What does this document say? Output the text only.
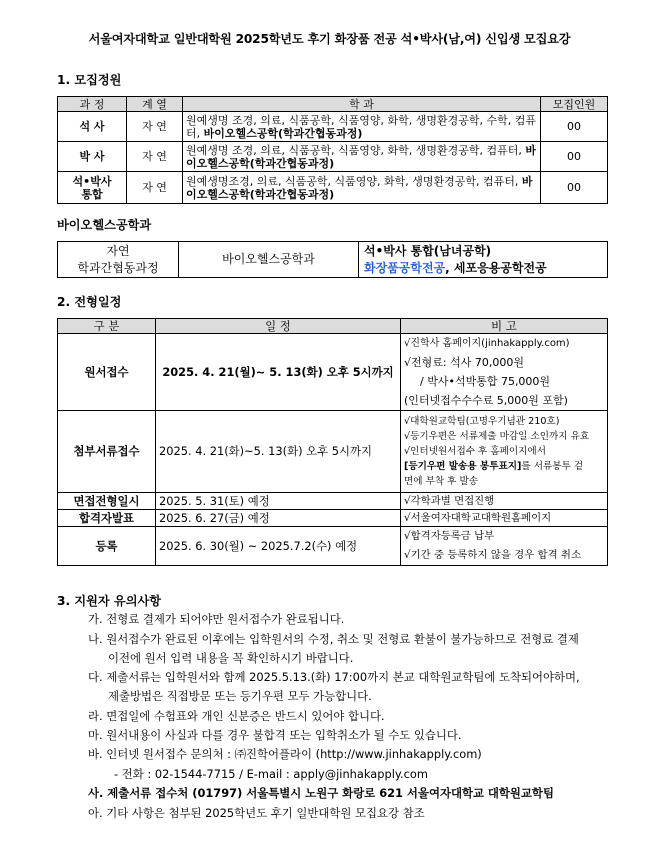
서울여자대학교 일반대학원 2025학년도 후기 화장품 전공 석•박사(남,여) 신입생 모집요강
1. 모집정원
과 정	계 열	학 과	모집인원
석 사	자 연	원예생명 조경, 의료, 식품공학, 식품영양, 화학, 생명환경공학, 수학, 컴퓨터, 바이오헬스공학(학과간협동과정)	00
박 사	자 연	원예생명 조경, 의료, 식품공학, 식품영양, 화학, 생명환경공학, 컴퓨터, 바이오헬스공학(학과간협동과정)	00
석•박사
통합	자 연	원예생명조경, 의료, 식품공학, 식품영양, 화학, 생명환경공학, 컴퓨터, 바이오헬스공학(학과간협동과정)	00
바이오헬스공학과
자연
학과간협동과정	바이오헬스공학과	석•박사 통합(남녀공학)
화장품공학전공, 세포응용공학전공
2. 전형일정
구 분	일 정	비 고
원서접수	2025. 4. 21(월)~ 5. 13(화) 오후 5시까지	√진학사 홈페이지(jinhakapply.com)
√전형료: 석사 70,000원
/ 박사•석박통합 75,000원
(인터넷접수수수료 5,000원 포함)

첨부서류접수	2025. 4. 21(화)~5. 13(화) 오후 5시까지	√대학원교학팀(고명우기념관 210호)
√등기우편은 서류제출 마감일 소인까지 유효
√인터넷원서접수 후 홈페이지에서
[등기우편 발송용 봉투표지]를 서류봉투 겉
면에 부착 후 발송

면접전형일시	2025. 5. 31(토) 예정	√각학과별 면접진행
합격자발표	2025. 6. 27(금) 예정	√서울여자대학교대학원홈페이지
등록	2025. 6. 30(월) ~ 2025.7.2(수) 예정	√합격자등록금 납부
√기간 중 등록하지 않을 경우 합격 취소
3. 지원자 유의사항
가. 전형료 결제가 되어야만 원서접수가 완료됩니다.
나. 원서접수가 완료된 이후에는 입학원서의 수정, 취소 및 전형료 환불이 불가능하므로 전형료 결제
이전에 원서 입력 내용을 꼭 확인하시기 바랍니다.
다. 제출서류는 입학원서와 함께 2025.5.13.(화) 17:00까지 본교 대학원교학팀에 도착되어야하며,
제출방법은 직접방문 또는 등기우편 모두 가능합니다.
라. 면접일에 수험표와 개인 신분증은 반드시 있어야 합니다.
마. 원서내용이 사실과 다를 경우 불합격 또는 입학취소가 될 수도 있습니다.
바. 인터넷 원서접수 문의처 : ㈜진학어플라이 (http://www.jinhakapply.com)
- 전화 : 02-1544-7715 / E-mail : apply@jinhakapply.com
사. 제출서류 접수처 (01797) 서울특별시 노원구 화랑로 621 서울여자대학교 대학원교학팀
아. 기타 사항은 첨부된 2025학년도 후기 일반대학원 모집요강 참조
